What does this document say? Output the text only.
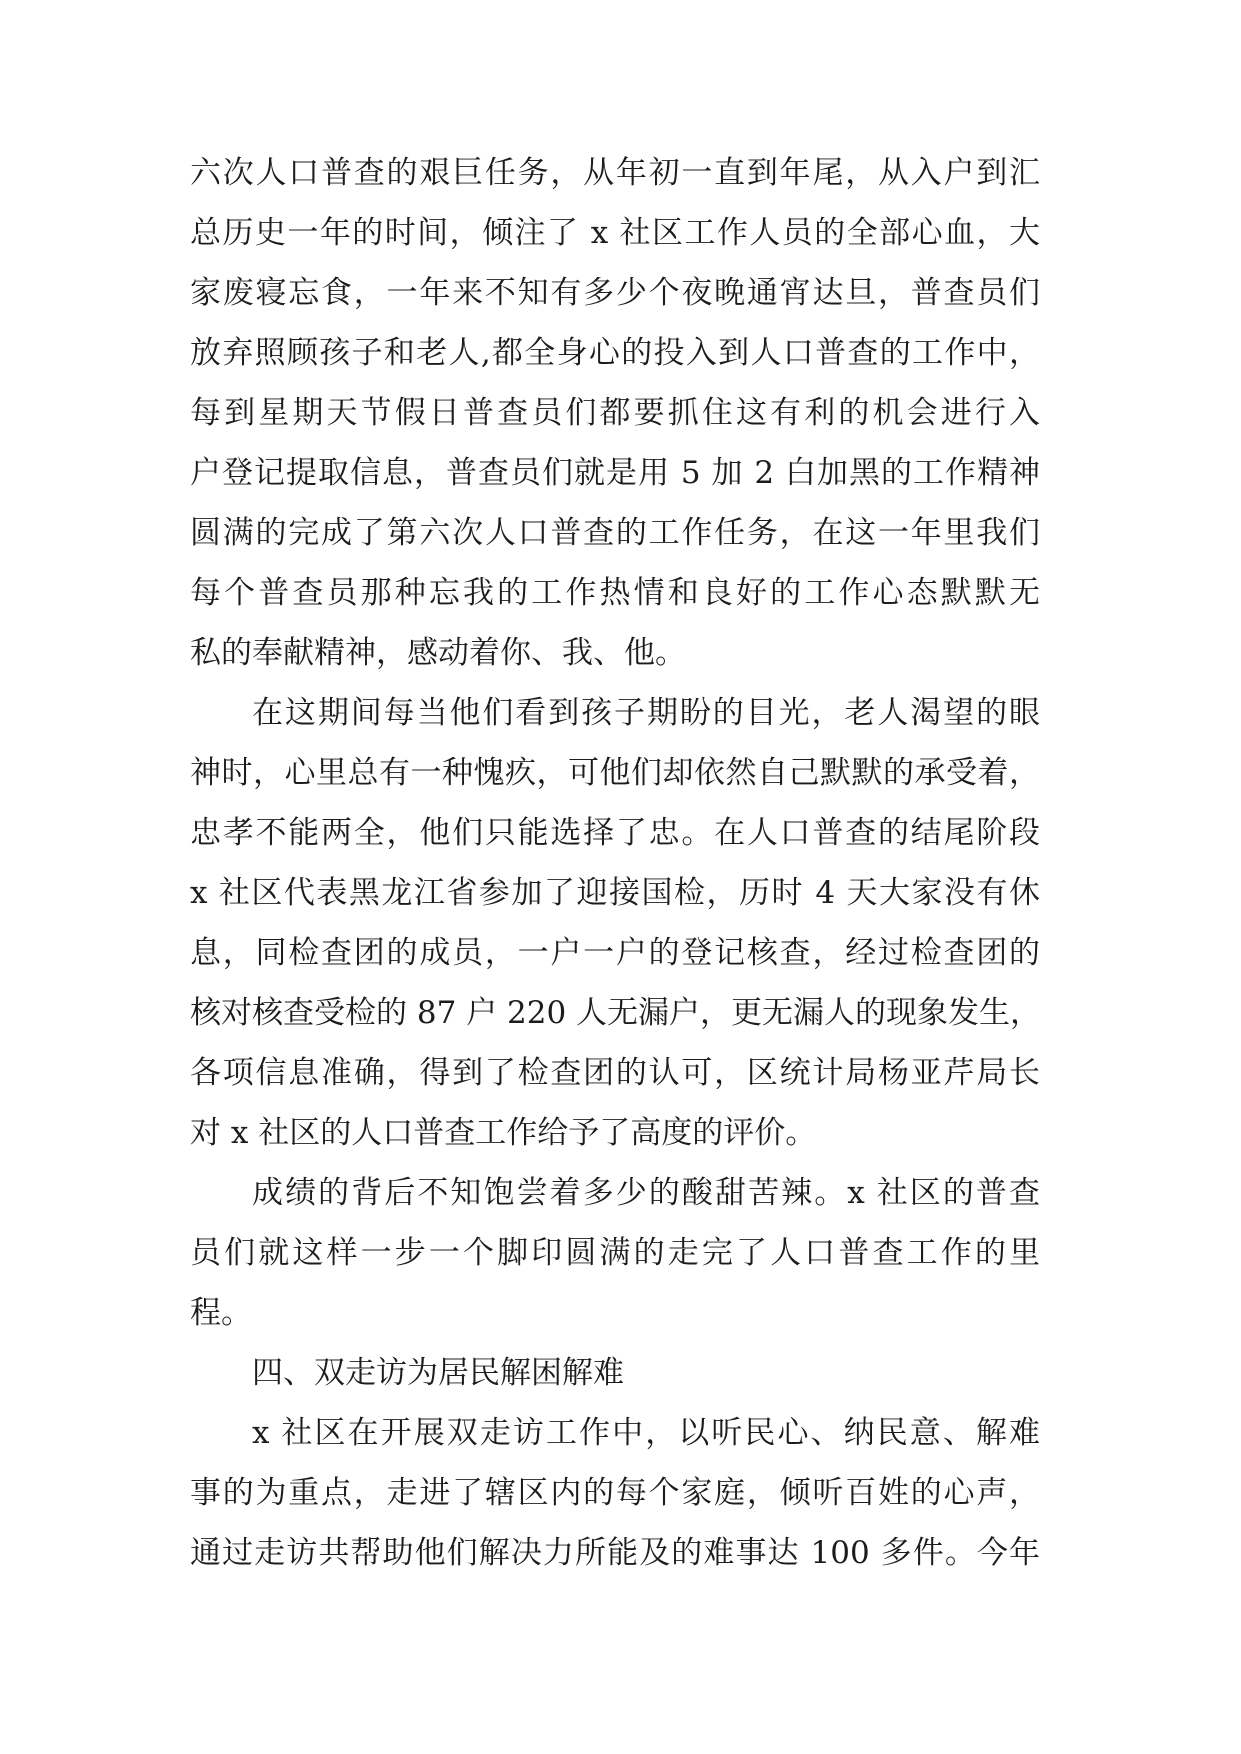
六次人口普查的艰巨任务，从年初一直到年尾，从入户到汇
总历史一年的时间，倾注了 x 社区工作人员的全部心血，大
家废寝忘食，一年来不知有多少个夜晚通宵达旦，普查员们
放弃照顾孩子和老人,都全身心的投入到人口普查的工作中，
每到星期天节假日普查员们都要抓住这有利的机会进行入
户登记提取信息，普查员们就是用 5 加 2 白加黑的工作精神
圆满的完成了第六次人口普查的工作任务，在这一年里我们
每个普查员那种忘我的工作热情和良好的工作心态默默无
私的奉献精神，感动着你、我、他。
在这期间每当他们看到孩子期盼的目光，老人渴望的眼
神时，心里总有一种愧疚，可他们却依然自己默默的承受着，
忠孝不能两全，他们只能选择了忠。在人口普查的结尾阶段
x 社区代表黑龙江省参加了迎接国检，历时 4 天大家没有休
息，同检查团的成员，一户一户的登记核查，经过检查团的
核对核查受检的 87 户 220 人无漏户，更无漏人的现象发生，
各项信息准确，得到了检查团的认可，区统计局杨亚芹局长
对 x 社区的人口普查工作给予了高度的评价。
成绩的背后不知饱尝着多少的酸甜苦辣。x 社区的普查
员们就这样一步一个脚印圆满的走完了人口普查工作的里
程。
四、双走访为居民解困解难
x 社区在开展双走访工作中，以听民心、纳民意、解难
事的为重点，走进了辖区内的每个家庭，倾听百姓的心声，
通过走访共帮助他们解决力所能及的难事达 100 多件。今年
